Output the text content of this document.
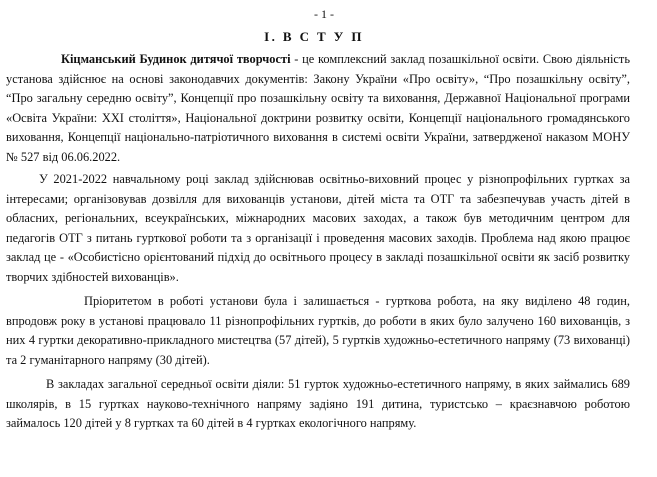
- 1 -
І. В С Т У П

Кіцманський Будинок дитячої творчості - це комплексний заклад позашкільної освіти. Свою діяльність установа здійснює на основі законодавчих документів: Закону України «Про освіту», “Про позашкільну освіту”, “Про загальну середню освіту”, Концепції про позашкільну освіту та виховання, Державної Національної програми «Освіта України: ХХІ століття», Національної доктрини розвитку освіти, Концепції національного громадянського виховання, Концепції національно-патріотичного виховання в системі освіти України, затвердженої наказом МОНУ № 527 від 06.06.2022.

У 2021-2022 навчальному році заклад здійснював освітньо-виховний процес у різнопрофільних гуртках за інтересами; організовував дозвілля для вихованців установи, дітей міста та ОТГ та забезпечував участь дітей в обласних, регіональних, всеукраїнських, міжнародних масових заходах, а також був методичним центром для педагогів ОТГ з питань гурткової роботи та з організації і проведення масових заходів. Проблема над якою працює заклад це - «Особистісно орієнтований підхід до освітнього процесу в закладі позашкільної освіти як засіб розвитку творчих здібностей вихованців».

Пріоритетом в роботі установи була і залишається - гурткова робота, на яку виділено 48 годин, впродовж року в установі працювало 11 різнопрофільних гуртків, до роботи в яких було залучено 160 вихованців, з них 4 гуртки декоративно-прикладного мистецтва (57 дітей), 5 гуртків художньо-естетичного напряму (73 вихованці) та 2 гуманітарного напряму (30 дітей).

В закладах загальної середньої освіти діяли: 51 гурток художньо-естетичного напряму, в яких займались 689 школярів, в 15 гуртках науково-технічного напряму задіяно 191 дитина, туристсько – краєзнавчою роботою займалось 120 дітей у 8 гуртках та 60 дітей в 4 гуртках екологічного напряму.
